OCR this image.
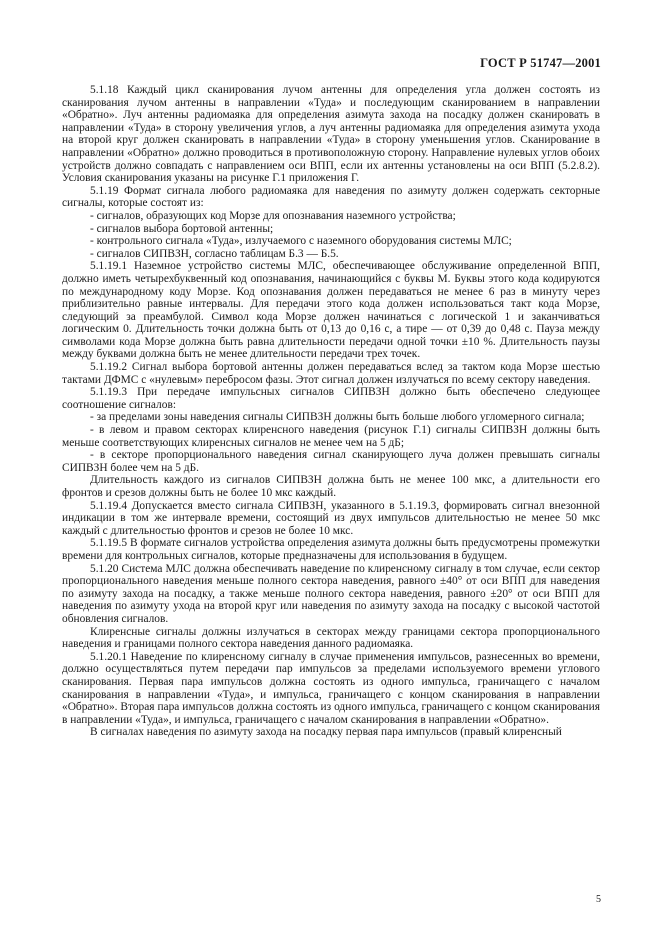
ГОСТ Р 51747—2001

5.1.18 Каждый цикл сканирования лучом антенны для определения угла должен состоять из сканирования лучом антенны в направлении «Туда» и последующим сканированием в направлении «Обратно». Луч антенны радиомаяка для определения азимута захода на посадку должен сканировать в направлении «Туда» в сторону увеличения углов, а луч антенны радиомаяка для определения азимута ухода на второй круг должен сканировать в направлении «Туда» в сторону уменьшения углов. Сканирование в направлении «Обратно» должно проводиться в противоположную сторону. Направление нулевых углов обоих устройств должно совпадать с направлением оси ВПП, если их антенны установлены на оси ВПП (5.2.8.2). Условия сканирования указаны на рисунке Г.1 приложения Г.

5.1.19 Формат сигнала любого радиомаяка для наведения по азимуту должен содержать секторные сигналы, которые состоят из:

- сигналов, образующих код Морзе для опознавания наземного устройства;

- сигналов выбора бортовой антенны;

- контрольного сигнала «Туда», излучаемого с наземного оборудования системы МЛС;

- сигналов СИПВЗН, согласно таблицам Б.3 — Б.5.

5.1.19.1 Наземное устройство системы МЛС, обеспечивающее обслуживание определенной ВПП, должно иметь четырехбуквенный код опознавания, начинающийся с буквы М. Буквы этого кода кодируются по международному коду Морзе. Код опознавания должен передаваться не менее 6 раз в минуту через приблизительно равные интервалы. Для передачи этого кода должен использоваться такт кода Морзе, следующий за преамбулой. Символ кода Морзе должен начинаться с логической 1 и заканчиваться логическим 0. Длительность точки должна быть от 0,13 до 0,16 с, а тире — от 0,39 до 0,48 с. Пауза между символами кода Морзе должна быть равна длительности передачи одной точки ±10 %. Длительность паузы между буквами должна быть не менее длительности передачи трех точек.

5.1.19.2 Сигнал выбора бортовой антенны должен передаваться вслед за тактом кода Морзе шестью тактами ДФМС с «нулевым» перебросом фазы. Этот сигнал должен излучаться по всему сектору наведения.

5.1.19.3 При передаче импульсных сигналов СИПВЗН должно быть обеспечено следующее соотношение сигналов:

- за пределами зоны наведения сигналы СИПВЗН должны быть больше любого угломерного сигнала;

- в левом и правом секторах клиренсного наведения (рисунок Г.1) сигналы СИПВЗН должны быть меньше соответствующих клиренсных сигналов не менее чем на 5 дБ;

- в секторе пропорционального наведения сигнал сканирующего луча должен превышать сигналы СИПВЗН более чем на 5 дБ.

Длительность каждого из сигналов СИПВЗН должна быть не менее 100 мкс, а длительности его фронтов и срезов должны быть не более 10 мкс каждый.

5.1.19.4 Допускается вместо сигнала СИПВЗН, указанного в 5.1.19.3, формировать сигнал внезонной индикации в том же интервале времени, состоящий из двух импульсов длительностью не менее 50 мкс каждый с длительностью фронтов и срезов не более 10 мкс.

5.1.19.5 В формате сигналов устройства определения азимута должны быть предусмотрены промежутки времени для контрольных сигналов, которые предназначены для использования в будущем.

5.1.20 Система МЛС должна обеспечивать наведение по клиренсному сигналу в том случае, если сектор пропорционального наведения меньше полного сектора наведения, равного ±40° от оси ВПП для наведения по азимуту захода на посадку, а также меньше полного сектора наведения, равного ±20° от оси ВПП для наведения по азимуту ухода на второй круг или наведения по азимуту захода на посадку с высокой частотой обновления сигналов.

Клиренсные сигналы должны излучаться в секторах между границами сектора пропорционального наведения и границами полного сектора наведения данного радиомаяка.

5.1.20.1 Наведение по клиренсному сигналу в случае применения импульсов, разнесенных во времени, должно осуществляться путем передачи пар импульсов за пределами используемого времени углового сканирования. Первая пара импульсов должна состоять из одного импульса, граничащего с началом сканирования в направлении «Туда», и импульса, граничащего с концом сканирования в направлении «Обратно». Вторая пара импульсов должна состоять из одного импульса, граничащего с концом сканирования в направлении «Туда», и импульса, граничащего с началом сканирования в направлении «Обратно».

В сигналах наведения по азимуту захода на посадку первая пара импульсов (правый клиренсный

5
